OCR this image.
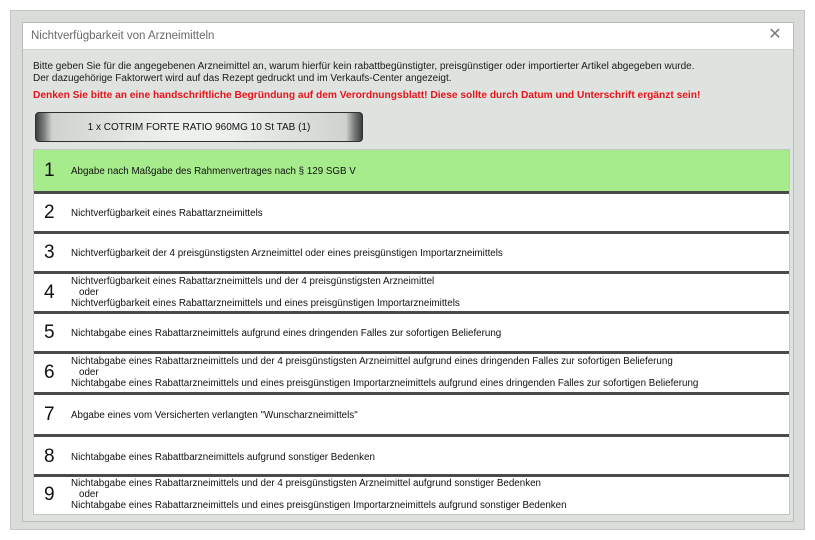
Nichtverfügbarkeit von Arzneimitteln	✕
Bitte geben Sie für die angegebenen Arzneimittel an, warum hierfür kein rabattbegünstigter, preisgünstiger oder importierter Artikel abgegeben wurde.
Der dazugehörige Faktorwert wird auf das Rezept gedruckt und im Verkaufs-Center angezeigt.
Denken Sie bitte an eine handschriftliche Begründung auf dem Verordnungsblatt! Diese sollte durch Datum und Unterschrift ergänzt sein!
1 x COTRIM FORTE RATIO 960MG 10 St TAB (1)
1 Abgabe nach Maßgabe des Rahmenvertrages nach § 129 SGB V
2 Nichtverfügbarkeit eines Rabattarzneimittels
3 Nichtverfügbarkeit der 4 preisgünstigsten Arzneimittel oder eines preisgünstigen Importarzneimittels
4
Nichtverfügbarkeit eines Rabattarzneimittels und der 4 preisgünstigsten Arzneimittel
oder
Nichtverfügbarkeit eines Rabattarzneimittels und eines preisgünstigen Importarzneimittels
5 Nichtabgabe eines Rabattarzneimittels aufgrund eines dringenden Falles zur sofortigen Belieferung
6
Nichtabgabe eines Rabattarzneimittels und der 4 preisgünstigsten Arzneimittel aufgrund eines dringenden Falles zur sofortigen Belieferung
oder
Nichtabgabe eines Rabattarzneimittels und eines preisgünstigen Importarzneimittels aufgrund eines dringenden Falles zur sofortigen Belieferung
7 Abgabe eines vom Versicherten verlangten "Wunscharzneimittels"
8 Nichtabgabe eines Rabattbarzneimittels aufgrund sonstiger Bedenken
9
Nichtabgabe eines Rabattarzneimittels und der 4 preisgünstigsten Arzneimittel aufgrund sonstiger Bedenken
oder
Nichtabgabe eines Rabattarzneimittels und eines preisgünstigen Importarzneimittels aufgrund sonstiger Bedenken
